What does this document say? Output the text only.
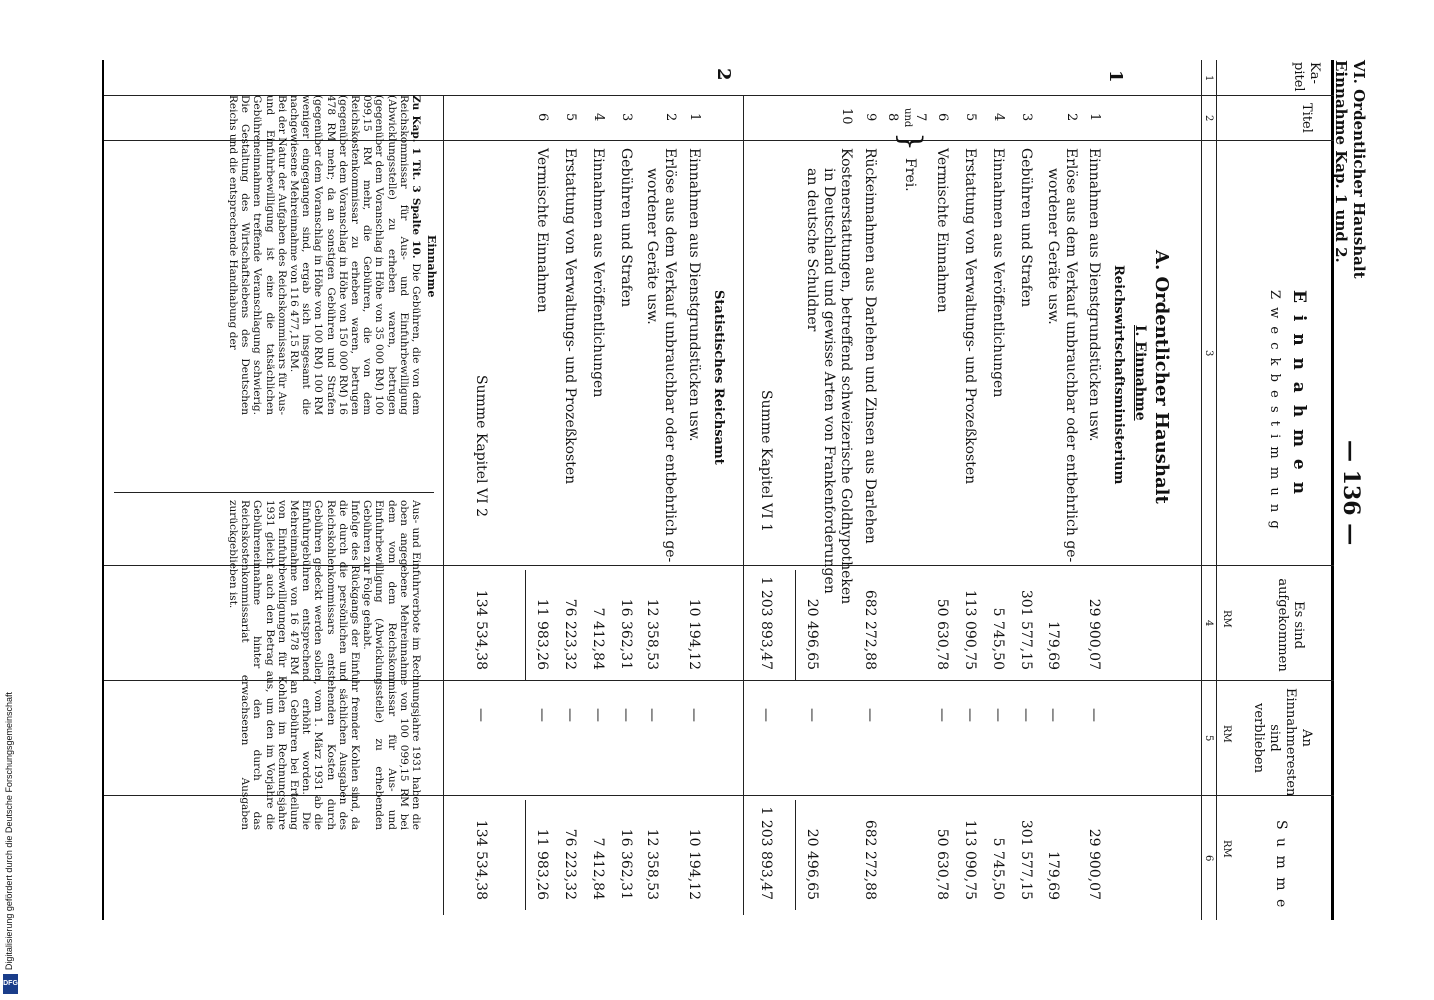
Digitalisierung gefördert durch die Deutsche Forschungsgemeinschaft
DFG
VI. Ordentlicher Haushalt
Einnahme Kap. 1 und 2.
— 136 —
Ka-
pitel
Titel
E i n n a h m e n
Z w e c k b e s t i m m u n g
Es sind aufgekommen
An Einnahmeresten sind verblieben
S u m m e
RM
RM
RM
1
2
3
4
5
6
A. Ordentlicher Haushalt
I. Einnahme
1
Reichswirtschaftsministerium
1
Einnahmen aus Dienstgrundstücken usw.
29 900,07
—
29 900,07
2
Erlöse aus dem Verkauf unbrauchbar oder entbehrlich ge-
wordener Geräte usw.
179,69
—
179,69
3
Gebühren und Strafen
301 577,15
—
301 577,15
4
Einnahmen aus Veröffentlichungen
5 745,50
—
5 745,50
5
Erstattung von Verwaltungs- und Prozeßkosten
113 090,75
—
113 090,75
6
Vermischte Einnahmen
50 630,78
—
50 630,78
7
und
8
}
Frei.
9
Rückeinnahmen aus Darlehen und Zinsen aus Darlehen
682 272,88
—
682 272,88
10
Kostenerstattungen, betreffend schweizerische Goldhypotheken
in Deutschland und gewisse Arten von Frankenforderungen
an deutsche Schuldner
20 496,65
—
20 496,65
Summe Kapitel VI 1
1 203 893,47
—
1 203 893,47
2
Statistisches Reichsamt
1
Einnahmen aus Dienstgrundstücken usw.
10 194,12
—
10 194,12
2
Erlöse aus dem Verkauf unbrauchbar oder entbehrlich ge-
wordener Geräte usw.
12 358,53
—
12 358,53
3
Gebühren und Strafen
16 362,31
—
16 362,31
4
Einnahmen aus Veröffentlichungen
7 412,84
—
7 412,84
5
Erstattung von Verwaltungs- und Prozeßkosten
76 223,32
—
76 223,32
6
Vermischte Einnahmen
11 983,26
—
11 983,26
Summe Kapitel VI 2
134 534,38
—
134 534,38
Einnahme
Zu Kap. 1 Tit. 3 Spalte 10. Die Gebühren, die von dem Reichskommissar für Aus- und Einfuhrbewilligung (Abwicklungsstelle) zu erheben waren, betrugen (gegenüber dem Voranschlag in Höhe von 35 000 RM) 100 099,15 RM mehr, die Gebühren, die von dem Reichskostenkommissar zu erheben waren, betrugen (gegenüber dem Voranschlag in Höhe von 150 000 RM) 16 478 RM mehr; da an sonstigen Gebühren und Strafen (gegenüber dem Voranschlag in Höhe von 100 RM) 100 RM weniger eingegangen sind, ergab sich insgesamt die nachgewiesene Mehreinnahme von 116 477,15 RM.
Bei der Natur der Aufgaben des Reichskommissars für Aus- und Einfuhrbewilligung ist eine die tatsächlichen Gebühreneinnahmen treffende Veranschlagung schwierig. Die Gestaltung des Wirtschaftslebens des Deutschen Reichs und die entsprechende Handhabung der
Aus- und Einfuhrverbote im Rechnungsjahre 1931 haben die oben angegebene Mehreinnahme von 100 099,15 RM bei dem vom dem Reichskommissar für Aus- und Einfuhrbewilligung (Abwicklungsstelle) zu erhebenden Gebühren zur Folge gehabt.
Infolge des Rückgangs der Einfuhr fremder Kohlen sind, da die durch die persönlichen und sächlichen Ausgaben des Reichskohlenkommissars entstehenden Kosten durch Gebühren gedeckt werden sollen, vom 1. März 1931 ab die Einfuhrgebühren entsprechend erhöht worden. Die Mehreinnahme von 16 478 RM an Gebühren bei Erteilung von Einfuhrbewilligungen für Kohlen im Rechnungsjahre 1931 gleicht auch den Betrag aus, um den im Vorjahre die Gebühreneinnahme hinter den durch das Reichskostenkommissariat erwachsenen Ausgaben zurückgeblieben ist.
